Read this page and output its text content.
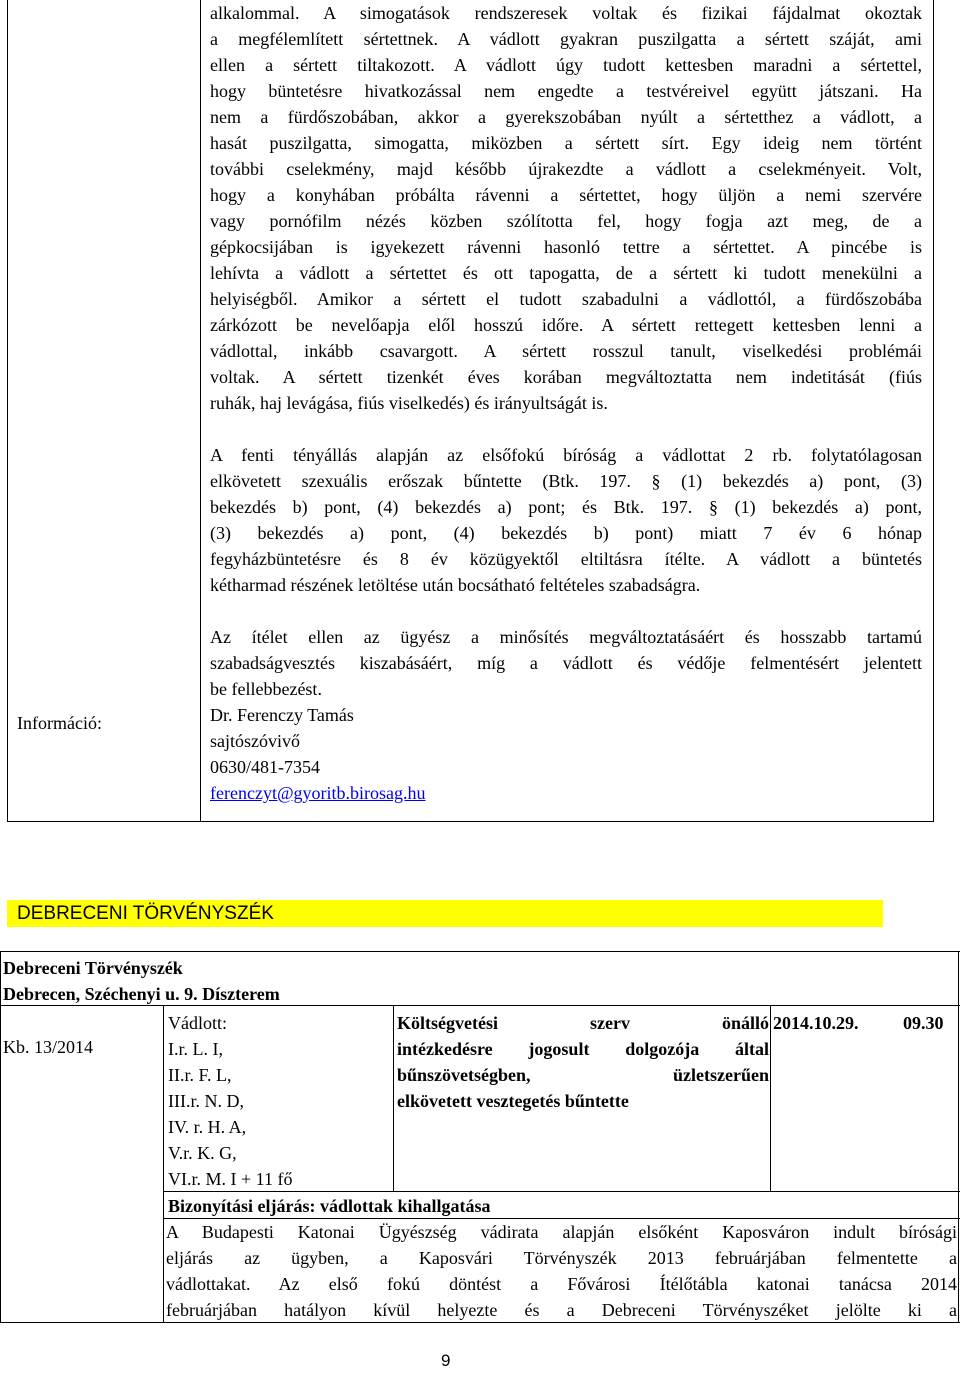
alkalommal. A simogatások rendszeresek voltak és fizikai fájdalmat okoztak
a megfélemlített sértettnek. A vádlott gyakran puszilgatta a sértett száját, ami
ellen a sértett tiltakozott. A vádlott úgy tudott kettesben maradni a sértettel,
hogy büntetésre hivatkozással nem engedte a testvéreivel együtt játszani. Ha
nem a fürdőszobában, akkor a gyerekszobában nyúlt a sértetthez a vádlott, a
hasát puszilgatta, simogatta, miközben a sértett sírt. Egy ideig nem történt
további cselekmény, majd később újrakezdte a vádlott a cselekményeit. Volt,
hogy a konyhában próbálta rávenni a sértettet, hogy üljön a nemi szervére
vagy pornófilm nézés közben szólította fel, hogy fogja azt meg, de a
gépkocsijában is igyekezett rávenni hasonló tettre a sértettet. A pincébe is
lehívta a vádlott a sértettet és ott tapogatta, de a sértett ki tudott menekülni a
helyiségből. Amikor a sértett el tudott szabadulni a vádlottól, a fürdőszobába
zárkózott be nevelőapja elől hosszú időre. A sértett rettegett kettesben lenni a
vádlottal, inkább csavargott. A sértett rosszul tanult, viselkedési problémái
voltak. A sértett tizenkét éves korában megváltoztatta nem indetitását (fiús
ruhák, haj levágása, fiús viselkedés) és irányultságát is.

A fenti tényállás alapján az elsőfokú bíróság a vádlottat 2 rb. folytatólagosan
elkövetett szexuális erőszak bűntette (Btk. 197. § (1) bekezdés a) pont, (3)
bekezdés b) pont, (4) bekezdés a) pont; és Btk. 197. § (1) bekezdés a) pont,
(3) bekezdés a) pont, (4) bekezdés b) pont) miatt 7 év 6 hónap
fegyházbüntetésre és 8 év közügyektől eltiltásra ítélte. A vádlott a büntetés
kétharmad részének letöltése után bocsátható feltételes szabadságra.

Az ítélet ellen az ügyész a minősítés megváltoztatásáért és hosszabb tartamú
szabadságvesztés kiszabásáért, míg a vádlott és védője felmentésért jelentett
be fellebbezést.

Dr. Ferenczy Tamás
sajtószóvivő
0630/481-7354
ferenczyt@gyoritb.birosag.hu

Információ:
DEBRECENI TÖRVÉNYSZÉK
Debreceni Törvényszék
Debrecen, Széchenyi u. 9. Díszterem
Kb. 13/2014
Vádlott:
I.r. L. I,
II.r. F. L,
III.r. N. D,
IV. r. H. A,
V.r. K. G,
VI.r. M. I + 11 fő
Költségvetési szerv önálló
intézkedésre jogosult dolgozója által
bűnszövetségben, üzletszerűen
elkövetett vesztegetés bűntette
2014.10.29. 09.30
Bizonyítási eljárás: vádlottak kihallgatása
A Budapesti Katonai Ügyészség vádirata alapján elsőként Kaposváron indult bírósági
eljárás az ügyben, a Kaposvári Törvényszék 2013 februárjában felmentette a
vádlottakat. Az első fokú döntést a Fővárosi Ítélőtábla katonai tanácsa 2014
februárjában hatályon kívül helyezte és a Debreceni Törvényszéket jelölte ki a
9
